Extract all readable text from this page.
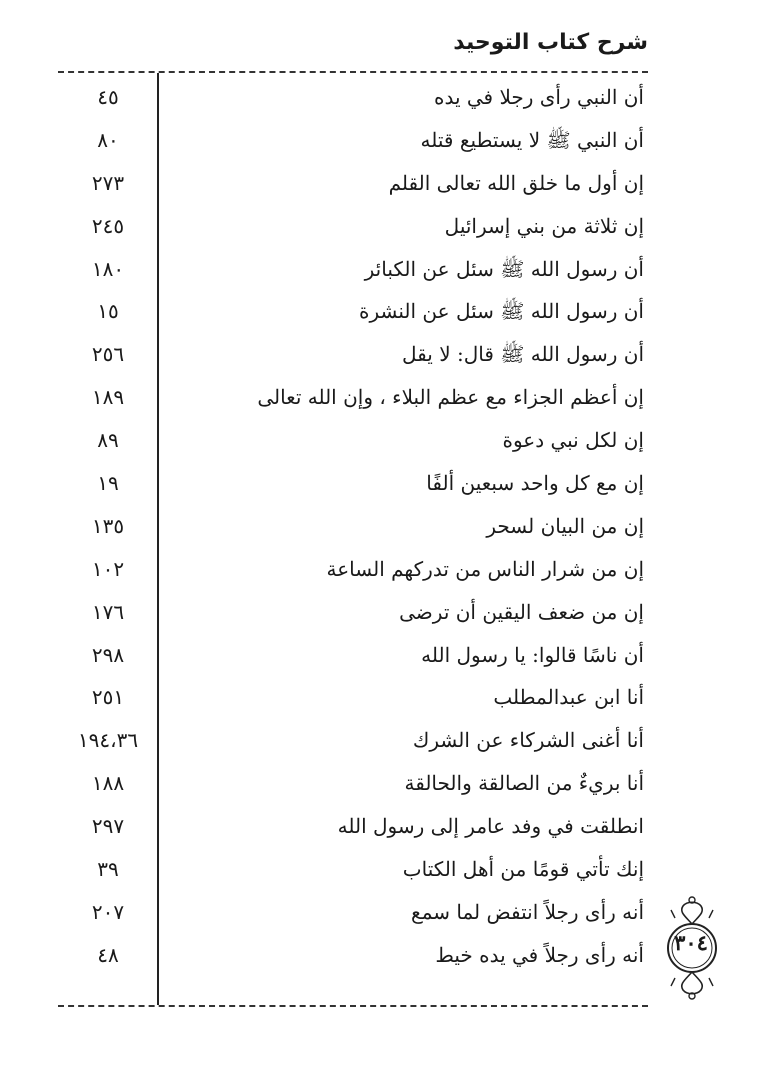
شرح كتاب التوحيد
أن النبي رأى رجلا في يده
٤٥
أن النبي ﷺ لا يستطيع قتله
٨٠
إن أول ما خلق الله تعالى القلم
٢٧٣
إن ثلاثة من بني إسرائيل
٢٤٥
أن رسول الله ﷺ سئل عن الكبائر
١٨٠
أن رسول الله ﷺ سئل عن النشرة
١٥
أن رسول الله ﷺ قال: لا يقل
٢٥٦
إن أعظم الجزاء مع عظم البلاء ، وإن الله تعالى
١٨٩
إن لكل نبي دعوة
٨٩
إن مع كل واحد سبعين ألفًا
١٩
إن من البيان لسحر
١٣٥
إن من شرار الناس من تدركهم الساعة
١٠٢
إن من ضعف اليقين أن ترضى
١٧٦
أن ناسًا قالوا: يا رسول الله
٢٩٨
أنا ابن عبدالمطلب
٢٥١
أنا أغنى الشركاء عن الشرك
١٩٤،٣٦
أنا بريءٌ من الصالقة والحالقة
١٨٨
انطلقت في وفد عامر إلى رسول الله
٢٩٧
إنك تأتي قومًا من أهل الكتاب
٣٩
أنه رأى رجلاً انتفض لما سمع
٢٠٧
أنه رأى رجلاً في يده خيط
٤٨	٣٠٤
